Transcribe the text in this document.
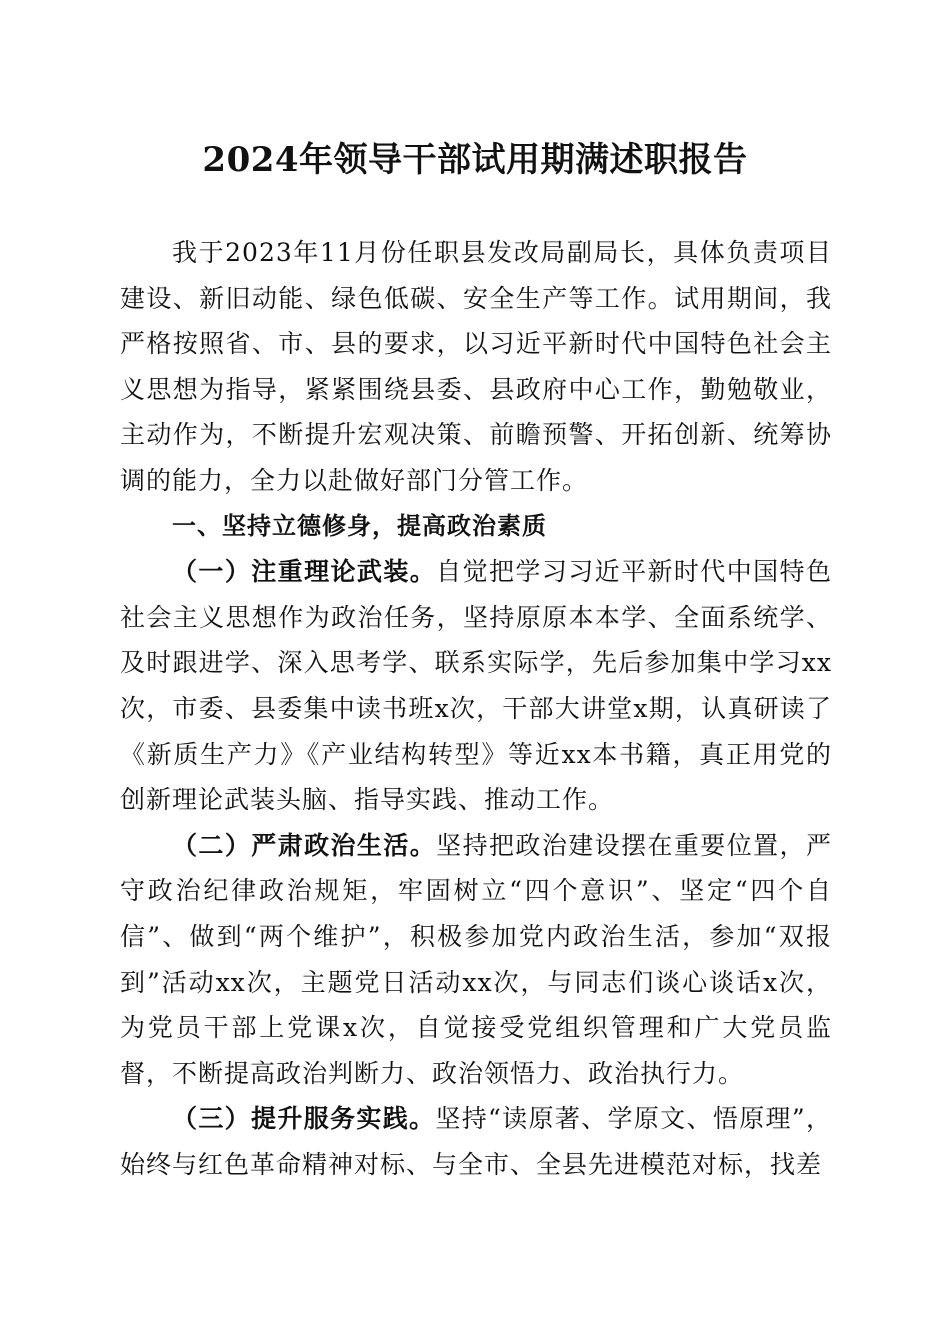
2024年领导干部试用期满述职报告

我于2023年11月份任职县发改局副局长，具体负责项目建设、新旧动能、绿色低碳、安全生产等工作。试用期间，我严格按照省、市、县的要求，以习近平新时代中国特色社会主义思想为指导，紧紧围绕县委、县政府中心工作，勤勉敬业，主动作为，不断提升宏观决策、前瞻预警、开拓创新、统筹协调的能力，全力以赴做好部门分管工作。

一、坚持立德修身，提高政治素质

（一）注重理论武装。自觉把学习习近平新时代中国特色社会主义思想作为政治任务，坚持原原本本学、全面系统学、及时跟进学、深入思考学、联系实际学，先后参加集中学习xx次，市委、县委集中读书班x次，干部大讲堂x期，认真研读了《新质生产力》《产业结构转型》等近xx本书籍，真正用党的创新理论武装头脑、指导实践、推动工作。

（二）严肃政治生活。坚持把政治建设摆在重要位置，严守政治纪律政治规矩，牢固树立“四个意识”、坚定“四个自信”、做到“两个维护”，积极参加党内政治生活，参加“双报到”活动xx次，主题党日活动xx次，与同志们谈心谈话x次，为党员干部上党课x次，自觉接受党组织管理和广大党员监督，不断提高政治判断力、政治领悟力、政治执行力。

（三）提升服务实践。坚持“读原著、学原文、悟原理”，始终与红色革命精神对标、与全市、全县先进模范对标，找差
